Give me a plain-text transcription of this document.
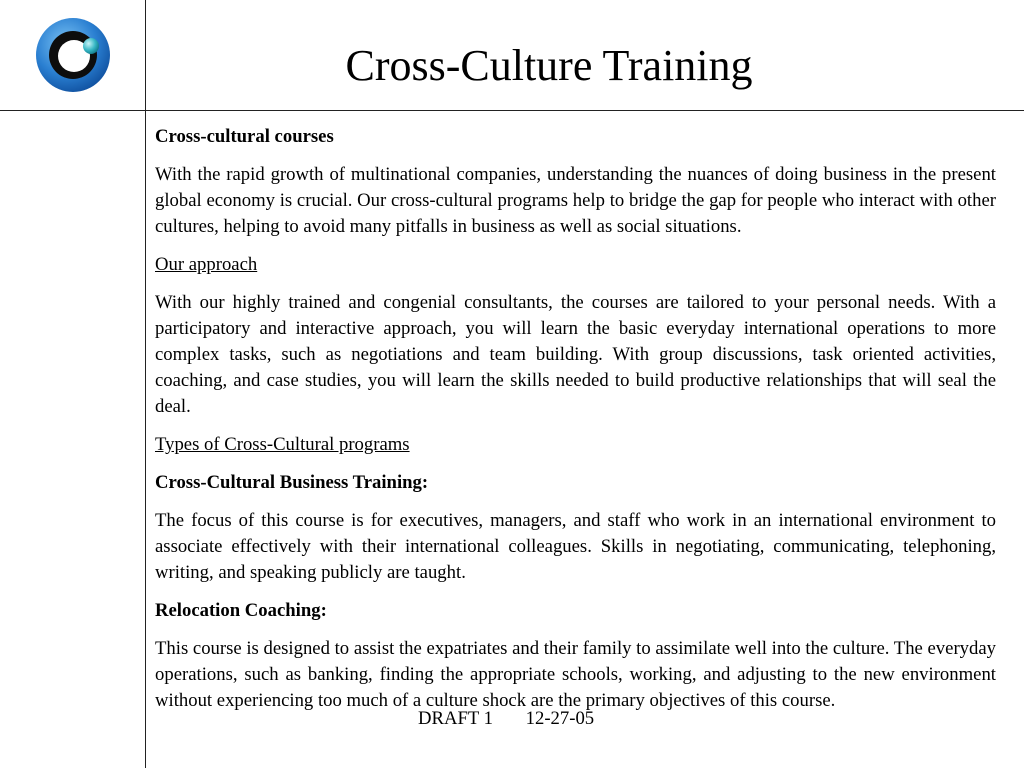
Cross-Culture Training

Cross-cultural courses

With the rapid growth of multinational companies, understanding the nuances of doing business in the present global economy is crucial. Our cross-cultural programs help to bridge the gap for people who interact with other cultures, helping to avoid many pitfalls in business as well as social situations.

Our approach

With our highly trained and congenial consultants, the courses are tailored to your personal needs. With a participatory and interactive approach, you will learn the basic everyday international operations to more complex tasks, such as negotiations and team building. With group discussions, task oriented activities, coaching, and case studies, you will learn the skills needed to build productive relationships that will seal the deal.

Types of Cross-Cultural programs

Cross-Cultural Business Training:

The focus of this course is for executives, managers, and staff who work in an international environment to associate effectively with their international colleagues. Skills in negotiating, communicating, telephoning, writing, and speaking publicly are taught.

Relocation Coaching:

This course is designed to assist the expatriates and their family to assimilate well into the culture. The everyday operations, such as banking, finding the appropriate schools, working, and adjusting to the new environment without experiencing too much of a culture shock are the primary objectives of this course.

DRAFT 1       12-27-05
